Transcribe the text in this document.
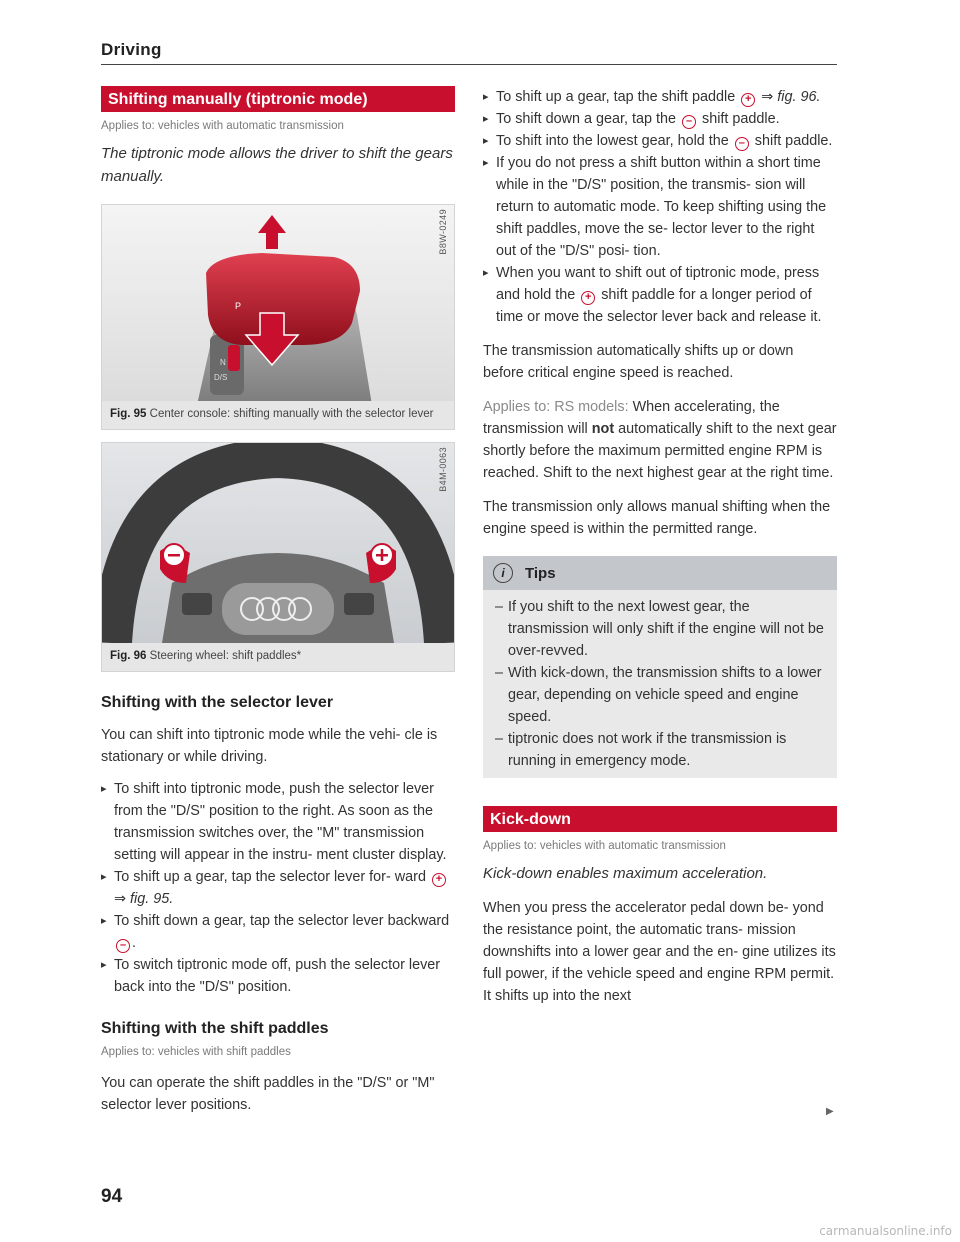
Driving
Shifting manually (tiptronic mode)
Applies to: vehicles with automatic transmission
The tiptronic mode allows the driver to shift the gears manually.
N
D/S
P
B8W-0249
Fig. 95 Center console: shifting manually with the selector lever
B4M-0063
Fig. 96 Steering wheel: shift paddles*
Shifting with the selector lever
You can shift into tiptronic mode while the vehi- cle is stationary or while driving.
▸ To shift into tiptronic mode, push the selector lever from the "D/S" position to the right. As soon as the transmission switches over, the "M" transmission setting will appear in the instru- ment cluster display.
▸ To shift up a gear, tap the selector lever for- ward + ⇒ fig. 95.
▸ To shift down a gear, tap the selector lever backward – .
▸ To switch tiptronic mode off, push the selector lever back into the "D/S" position.
Shifting with the shift paddles
Applies to: vehicles with shift paddles
You can operate the shift paddles in the "D/S" or "M" selector lever positions.
▸ To shift up a gear, tap the shift paddle + ⇒ fig. 96.
▸ To shift down a gear, tap the – shift paddle.
▸ To shift into the lowest gear, hold the – shift paddle.
▸ If you do not press a shift button within a short time while in the "D/S" position, the transmis- sion will return to automatic mode. To keep shifting using the shift paddles, move the se- lector lever to the right out of the "D/S" posi- tion.
▸ When you want to shift out of tiptronic mode, press and hold the + shift paddle for a longer period of time or move the selector lever back and release it.
The transmission automatically shifts up or down before critical engine speed is reached.
Applies to: RS models: When accelerating, the transmission will not automatically shift to the next gear shortly before the maximum permitted engine RPM is reached. Shift to the next highest gear at the right time.
The transmission only allows manual shifting when the engine speed is within the permitted range.
i	Tips
– If you shift to the next lowest gear, the transmission will only shift if the engine will not be over-revved.
– With kick-down, the transmission shifts to a lower gear, depending on vehicle speed and engine speed.
– tiptronic does not work if the transmission is running in emergency mode.
Kick-down
Applies to: vehicles with automatic transmission
Kick-down enables maximum acceleration.
When you press the accelerator pedal down be- yond the resistance point, the automatic trans- mission downshifts into a lower gear and the en- gine utilizes its full power, if the vehicle speed and engine RPM permit. It shifts up into the next
▶
94
carmanualsonline.info
